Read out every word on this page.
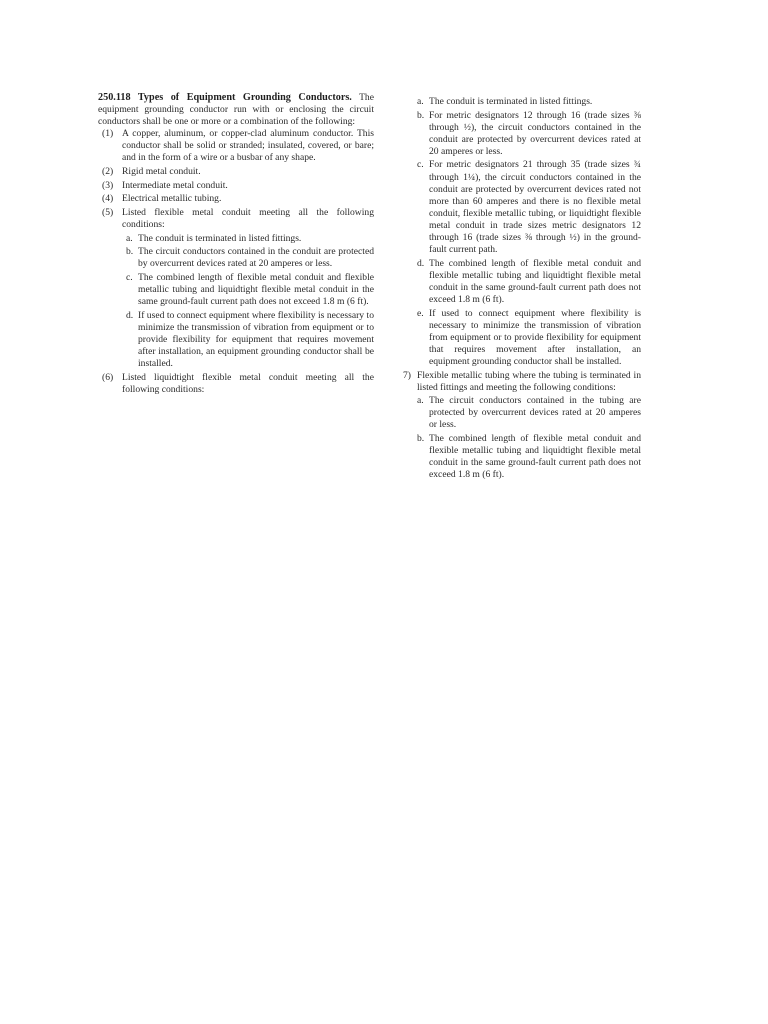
250.118 Types of Equipment Grounding Conductors. The equipment grounding conductor run with or enclosing the circuit conductors shall be one or more or a combination of the following:

(1) A copper, aluminum, or copper-clad aluminum conductor. This conductor shall be solid or stranded; insulated, covered, or bare; and in the form of a wire or a busbar of any shape.
(2) Rigid metal conduit.
(3) Intermediate metal conduit.
(4) Electrical metallic tubing.
(5) Listed flexible metal conduit meeting all the following conditions:
a. The conduit is terminated in listed fittings.
b. The circuit conductors contained in the conduit are protected by overcurrent devices rated at 20 amperes or less.
c. The combined length of flexible metal conduit and flexible metallic tubing and liquidtight flexible metal conduit in the same ground-fault current path does not exceed 1.8 m (6 ft).
d. If used to connect equipment where flexibility is necessary to minimize the transmission of vibration from equipment or to provide flexibility for equipment that requires movement after installation, an equipment grounding conductor shall be installed.
(6) Listed liquidtight flexible metal conduit meeting all the following conditions:
a. The conduit is terminated in listed fittings.
b. For metric designators 12 through 16 (trade sizes ⅜ through ½), the circuit conductors contained in the conduit are protected by overcurrent devices rated at 20 amperes or less.
c. For metric designators 21 through 35 (trade sizes ¾ through 1¼), the circuit conductors contained in the conduit are protected by overcurrent devices rated not more than 60 amperes and there is no flexible metal conduit, flexible metallic tubing, or liquidtight flexible metal conduit in trade sizes metric designators 12 through 16 (trade sizes ⅜ through ½) in the ground-fault current path.
d. The combined length of flexible metal conduit and flexible metallic tubing and liquidtight flexible metal conduit in the same ground-fault current path does not exceed 1.8 m (6 ft).
e. If used to connect equipment where flexibility is necessary to minimize the transmission of vibration from equipment or to provide flexibility for equipment that requires movement after installation, an equipment grounding conductor shall be installed.
7) Flexible metallic tubing where the tubing is terminated in listed fittings and meeting the following conditions:
a. The circuit conductors contained in the tubing are protected by overcurrent devices rated at 20 amperes or less.
b. The combined length of flexible metal conduit and flexible metallic tubing and liquidtight flexible metal conduit in the same ground-fault current path does not exceed 1.8 m (6 ft).
